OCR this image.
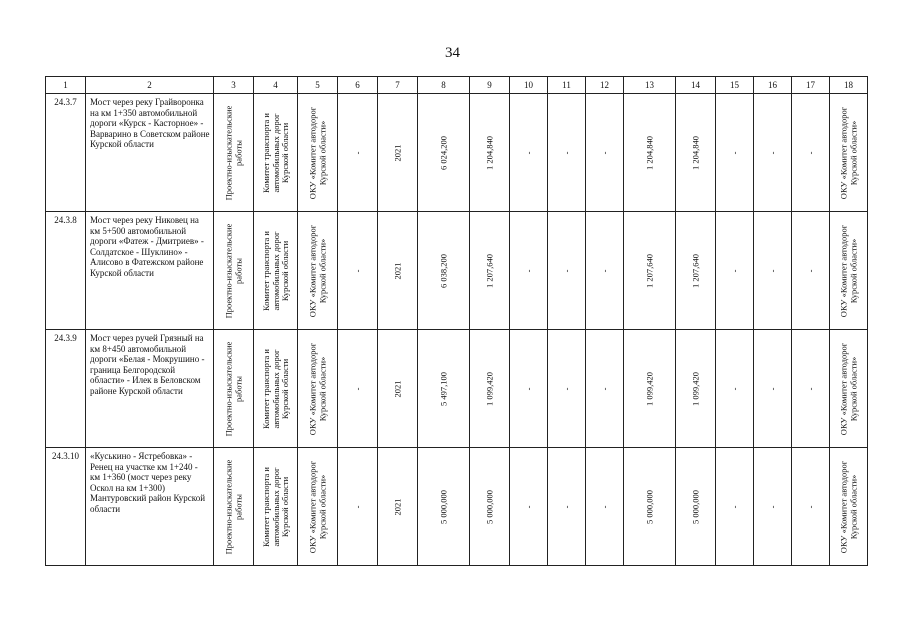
34
1	2	3	4	5	6	7	8	9	10	11	12	13	14	15	16	17	18
24.3.7	Мост через реку Грайворонка на км 1+350 автомобильной дороги «Курск - Касторное» - Варварино в Советском районе Курской области	Проектно-изыскательские работы	Комитет транспорта и автомобильных дорог Курской области	ОКУ «Комитет автодорог Курской области»	-	2021	6 024,200	1 204,840	-	-	-	1 204,840	1 204,840	-	-	-	ОКУ «Комитет автодорог Курской области»

24.3.8	Мост через реку Никовец на км 5+500 автомобильной дороги «Фатеж - Дмитриев» - Солдатское - Шуклино» - Алисово в Фатежском районе Курской области	Проектно-изыскательские работы	Комитет транспорта и автомобильных дорог Курской области	ОКУ «Комитет автодорог Курской области»	-	2021	6 038,200	1 207,640	-	-	-	1 207,640	1 207,640	-	-	-	ОКУ «Комитет автодорог Курской области»

24.3.9	Мост через ручей Грязный на км 8+450 автомобильной дороги «Белая - Мокрушино - граница Белгородской области» - Илек в Беловском районе Курской области	Проектно-изыскательские работы	Комитет транспорта и автомобильных дорог Курской области	ОКУ «Комитет автодорог Курской области»	-	2021	5 497,100	1 099,420	-	-	-	1 099,420	1 099,420	-	-	-	ОКУ «Комитет автодорог Курской области»

24.3.10	«Куськино - Ястребовка» - Ренец на участке км 1+240 - км 1+360 (мост через реку Оскол на км 1+300) Мантуровский район Курской области	Проектно-изыскательские работы	Комитет транспорта и автомобильных дорог Курской области	ОКУ «Комитет автодорог Курской области»	-	2021	5 000,000	5 000,000	-	-	-	5 000,000	5 000,000	-	-	-	ОКУ «Комитет автодорог Курской области»
